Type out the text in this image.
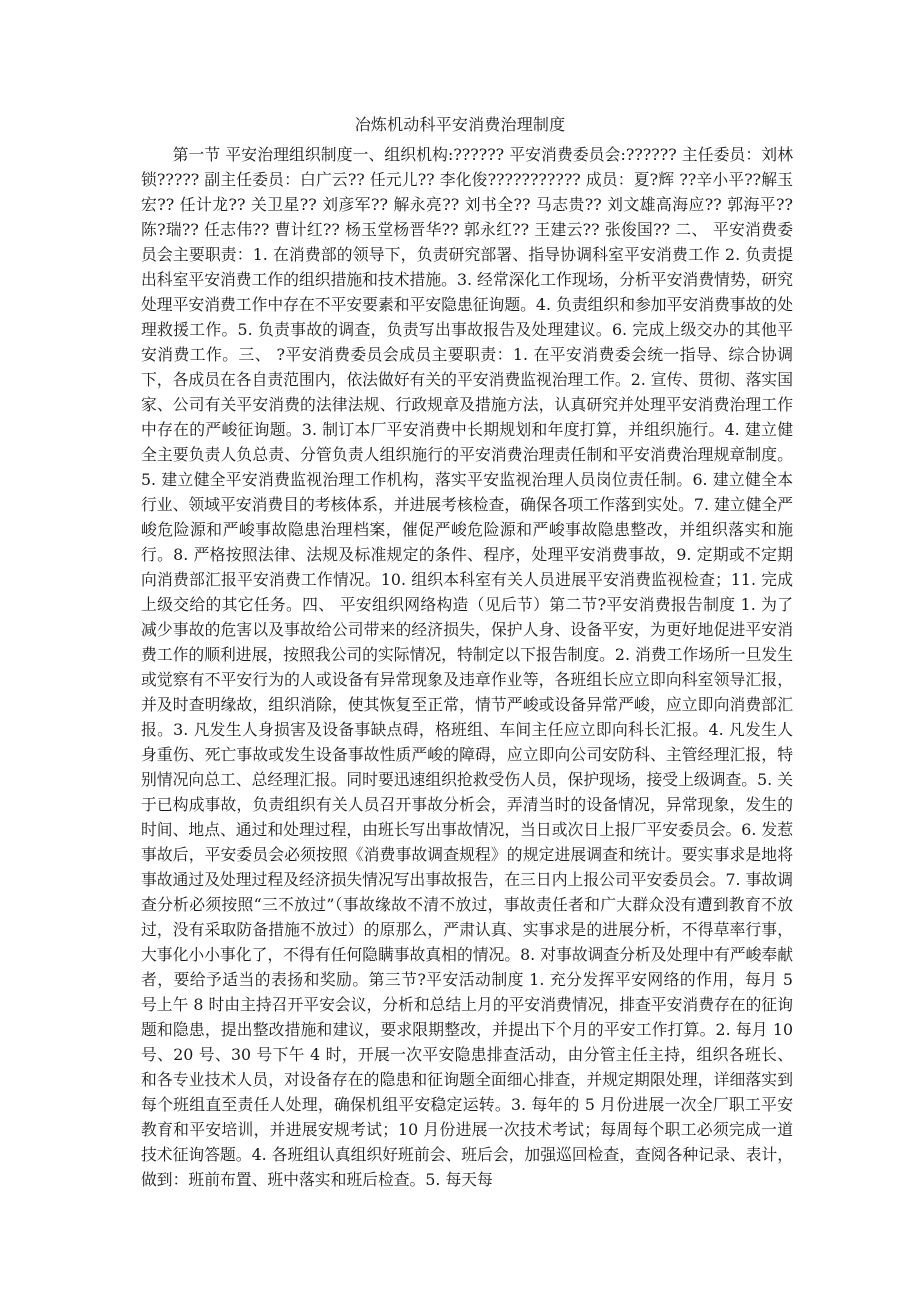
冶炼机动科平安消费治理制度

第一节 平安治理组织制度一、组织机构:?????? 平安消费委员会:?????? 主任委员：刘林锁????? 副主任委员：白广云?? 任元儿?? 李化俊??????????? 成员：夏?辉 ??辛小平??解玉宏?? 任计龙?? 关卫星?? 刘彦军?? 解永亮?? 刘书全?? 马志贵?? 刘文雄高海应?? 郭海平?? 陈?瑞?? 任志伟?? 曹计红?? 杨玉堂杨晋华?? 郭永红?? 王建云?? 张俊国?? 二、 平安消费委员会主要职责：1. 在消费部的领导下，负责研究部署、指导协调科室平安消费工作 2. 负责提出科室平安消费工作的组织措施和技术措施。3. 经常深化工作现场，分析平安消费情势，研究处理平安消费工作中存在不平安要素和平安隐患征询题。4. 负责组织和参加平安消费事故的处理救援工作。5. 负责事故的调查，负责写出事故报告及处理建议。6. 完成上级交办的其他平安消费工作。三、 ?平安消费委员会成员主要职责：1. 在平安消费委会统一指导、综合协调下，各成员在各自责范围内，依法做好有关的平安消费监视治理工作。2. 宣传、贯彻、落实国家、公司有关平安消费的法律法规、行政规章及措施方法，认真研究并处理平安消费治理工作中存在的严峻征询题。3. 制订本厂平安消费中长期规划和年度打算，并组织施行。4. 建立健全主要负责人负总责、分管负责人组织施行的平安消费治理责任制和平安消费治理规章制度。5. 建立健全平安消费监视治理工作机构，落实平安监视治理人员岗位责任制。6. 建立健全本行业、领域平安消费目的考核体系，并进展考核检查，确保各项工作落到实处。7. 建立健全严峻危险源和严峻事故隐患治理档案，催促严峻危险源和严峻事故隐患整改，并组织落实和施行。8. 严格按照法律、法规及标准规定的条件、程序，处理平安消费事故，9. 定期或不定期向消费部汇报平安消费工作情况。10. 组织本科室有关人员进展平安消费监视检查；11. 完成上级交给的其它任务。四、 平安组织网络构造（见后节）第二节?平安消费报告制度 1. 为了减少事故的危害以及事故给公司带来的经济损失，保护人身、设备平安，为更好地促进平安消费工作的顺利进展，按照我公司的实际情况，特制定以下报告制度。2. 消费工作场所一旦发生或觉察有不平安行为的人或设备有异常现象及违章作业等，各班组长应立即向科室领导汇报，并及时查明缘故，组织消除，使其恢复至正常，情节严峻或设备异常严峻，应立即向消费部汇报。3. 凡发生人身损害及设备事缺点碍，格班组、车间主任应立即向科长汇报。4. 凡发生人身重伤、死亡事故或发生设备事故性质严峻的障碍，应立即向公司安防科、主管经理汇报，特别情况向总工、总经理汇报。同时要迅速组织抢救受伤人员，保护现场，接受上级调查。5. 关于已构成事故，负责组织有关人员召开事故分析会，弄清当时的设备情况，异常现象，发生的时间、地点、通过和处理过程，由班长写出事故情况，当日或次日上报厂平安委员会。6. 发惹事故后，平安委员会必须按照《消费事故调查规程》的规定进展调查和统计。要实事求是地将事故通过及处理过程及经济损失情况写出事故报告，在三日内上报公司平安委员会。7. 事故调查分析必须按照“三不放过”（事故缘故不清不放过，事故责任者和广大群众没有遭到教育不放过，没有采取防备措施不放过）的原那么，严肃认真、实事求是的进展分析，不得草率行事，大事化小小事化了，不得有任何隐瞒事故真相的情况。8. 对事故调查分析及处理中有严峻奉献者，要给予适当的表扬和奖励。第三节?平安活动制度 1. 充分发挥平安网络的作用，每月 5 号上午 8 时由主持召开平安会议，分析和总结上月的平安消费情况，排查平安消费存在的征询题和隐患，提出整改措施和建议，要求限期整改，并提出下个月的平安工作打算。2. 每月 10 号、20 号、30 号下午 4 时，开展一次平安隐患排查活动，由分管主任主持，组织各班长、和各专业技术人员，对设备存在的隐患和征询题全面细心排查，并规定期限处理，详细落实到每个班组直至责任人处理，确保机组平安稳定运转。3. 每年的 5 月份进展一次全厂职工平安教育和平安培训，并进展安规考试；10 月份进展一次技术考试；每周每个职工必须完成一道技术征询答题。4. 各班组认真组织好班前会、班后会，加强巡回检查，查阅各种记录、表计，做到：班前布置、班中落实和班后检查。5. 每天每
